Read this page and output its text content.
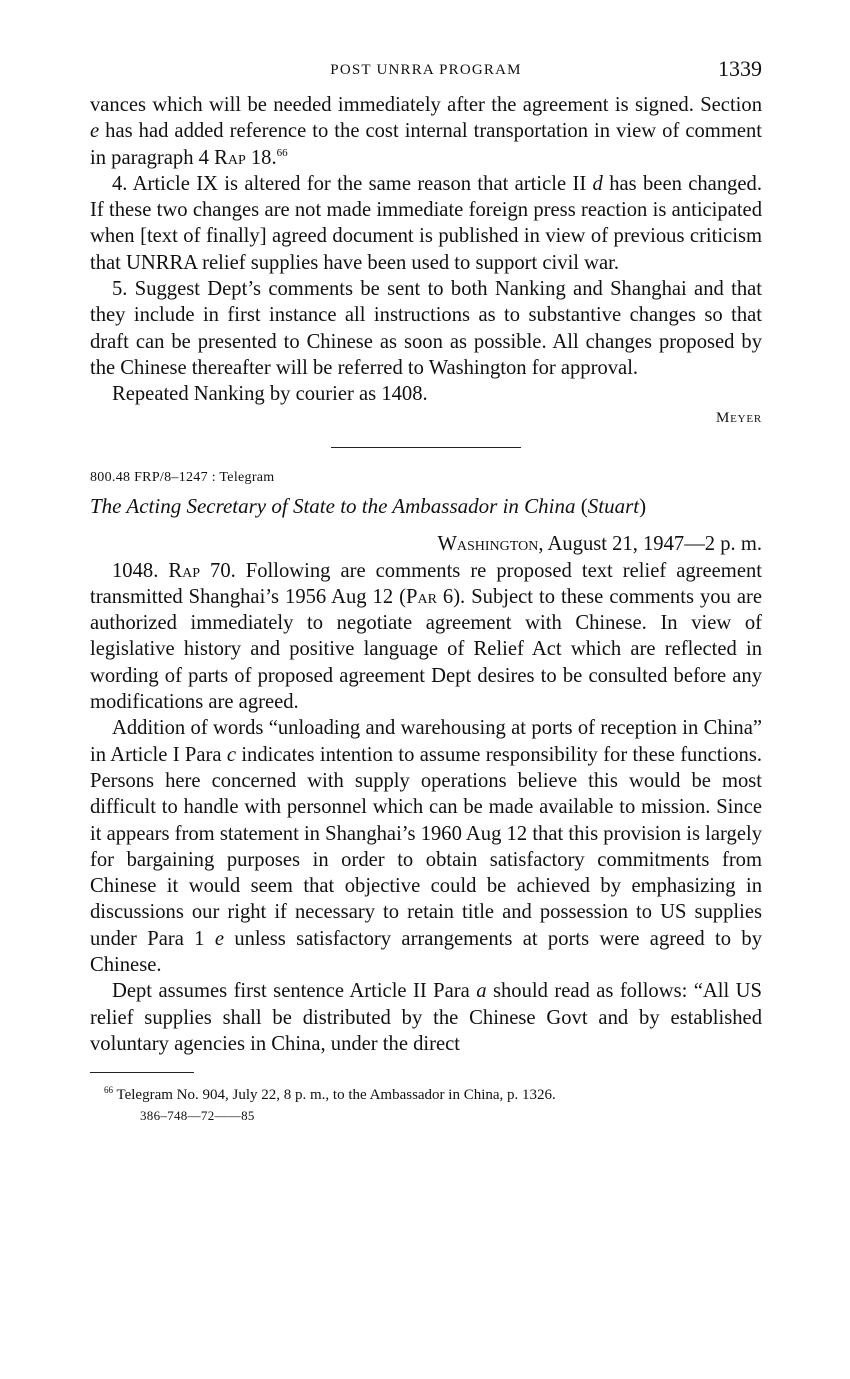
POST UNRRA PROGRAM	1339

vances which will be needed immediately after the agreement is signed. Section e has had added reference to the cost internal transportation in view of comment in paragraph 4 Rap 18.66

4. Article IX is altered for the same reason that article II d has been changed. If these two changes are not made immediate foreign press reaction is anticipated when [text of finally] agreed document is published in view of previous criticism that UNRRA relief supplies have been used to support civil war.

5. Suggest Dept’s comments be sent to both Nanking and Shanghai and that they include in first instance all instructions as to substantive changes so that draft can be presented to Chinese as soon as possible. All changes proposed by the Chinese thereafter will be referred to Washington for approval.

Repeated Nanking by courier as 1408.

Meyer
800.48 FRP/8–1247 : Telegram
The Acting Secretary of State to the Ambassador in China (Stuart)
Washington, August 21, 1947—2 p. m.

1048. Rap 70. Following are comments re proposed text relief agreement transmitted Shanghai’s 1956 Aug 12 (Par 6). Subject to these comments you are authorized immediately to negotiate agreement with Chinese. In view of legislative history and positive language of Relief Act which are reflected in wording of parts of proposed agreement Dept desires to be consulted before any modifications are agreed.

Addition of words “unloading and warehousing at ports of reception in China” in Article I Para c indicates intention to assume responsibility for these functions. Persons here concerned with supply operations believe this would be most difficult to handle with personnel which can be made available to mission. Since it appears from statement in Shanghai’s 1960 Aug 12 that this provision is largely for bargaining purposes in order to obtain satisfactory commitments from Chinese it would seem that objective could be achieved by emphasizing in discussions our right if necessary to retain title and possession to US supplies under Para 1 e unless satisfactory arrangements at ports were agreed to by Chinese.

Dept assumes first sentence Article II Para a should read as follows: “All US relief supplies shall be distributed by the Chinese Govt and by established voluntary agencies in China, under the direct

$^{66}$ Telegram No. 904, July 22, 8 p. m., to the Ambassador in China, p. 1326.
386–748—72——85
